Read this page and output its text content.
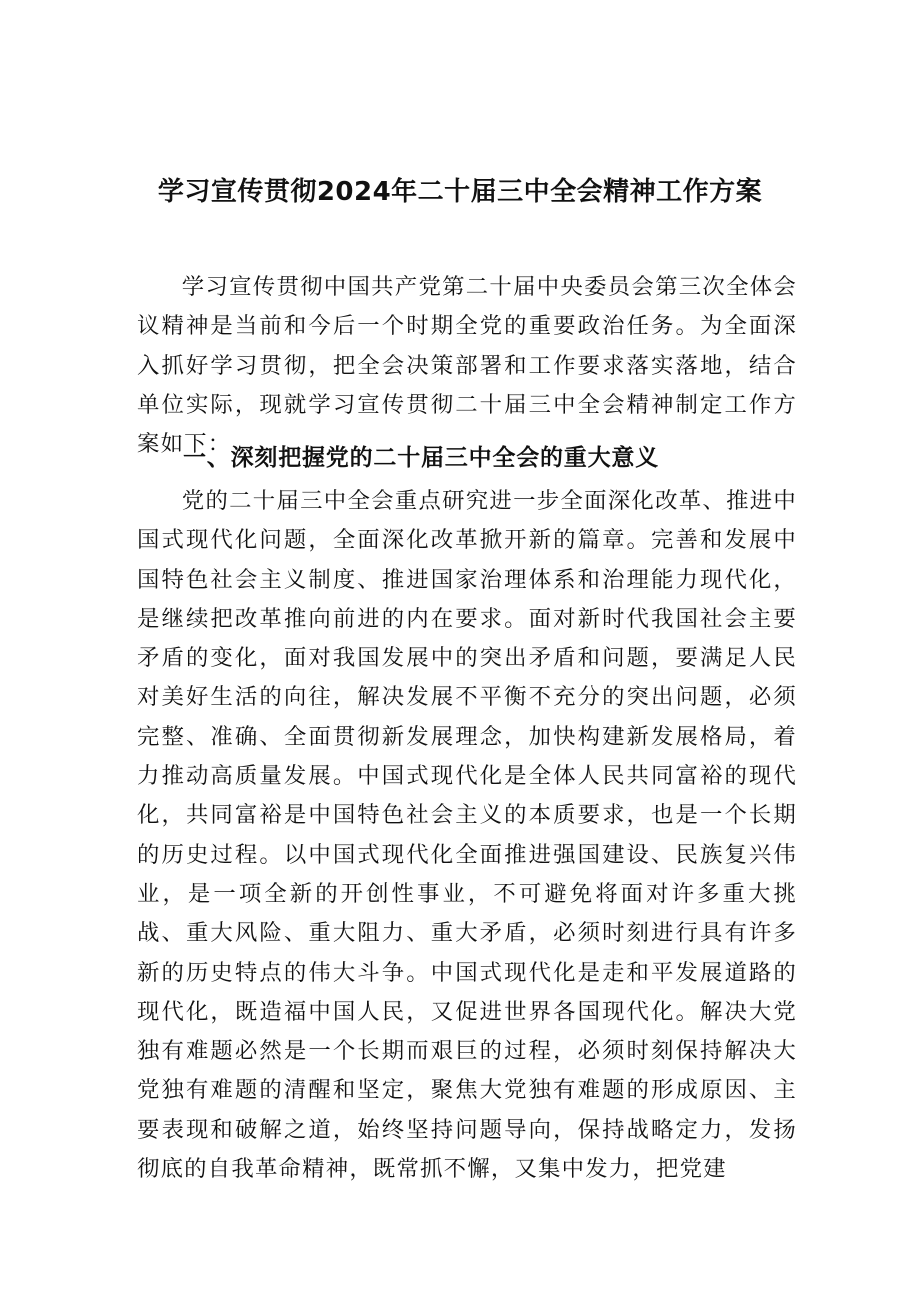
学习宣传贯彻2024年二十届三中全会精神工作方案

学习宣传贯彻中国共产党第二十届中央委员会第三次全体会议精神是当前和今后一个时期全党的重要政治任务。为全面深入抓好学习贯彻，把全会决策部署和工作要求落实落地，结合单位实际，现就学习宣传贯彻二十届三中全会精神制定工作方案如下：

一、深刻把握党的二十届三中全会的重大意义

党的二十届三中全会重点研究进一步全面深化改革、推进中国式现代化问题，全面深化改革掀开新的篇章。完善和发展中国特色社会主义制度、推进国家治理体系和治理能力现代化，是继续把改革推向前进的内在要求。面对新时代我国社会主要矛盾的变化，面对我国发展中的突出矛盾和问题，要满足人民对美好生活的向往，解决发展不平衡不充分的突出问题，必须完整、准确、全面贯彻新发展理念，加快构建新发展格局，着力推动高质量发展。中国式现代化是全体人民共同富裕的现代化，共同富裕是中国特色社会主义的本质要求，也是一个长期的历史过程。以中国式现代化全面推进强国建设、民族复兴伟业，是一项全新的开创性事业，不可避免将面对许多重大挑战、重大风险、重大阻力、重大矛盾，必须时刻进行具有许多新的历史特点的伟大斗争。中国式现代化是走和平发展道路的现代化，既造福中国人民，又促进世界各国现代化。解决大党独有难题必然是一个长期而艰巨的过程，必须时刻保持解决大党独有难题的清醒和坚定，聚焦大党独有难题的形成原因、主要表现和破解之道，始终坚持问题导向，保持战略定力，发扬彻底的自我革命精神，既常抓不懈，又集中发力，把党建
